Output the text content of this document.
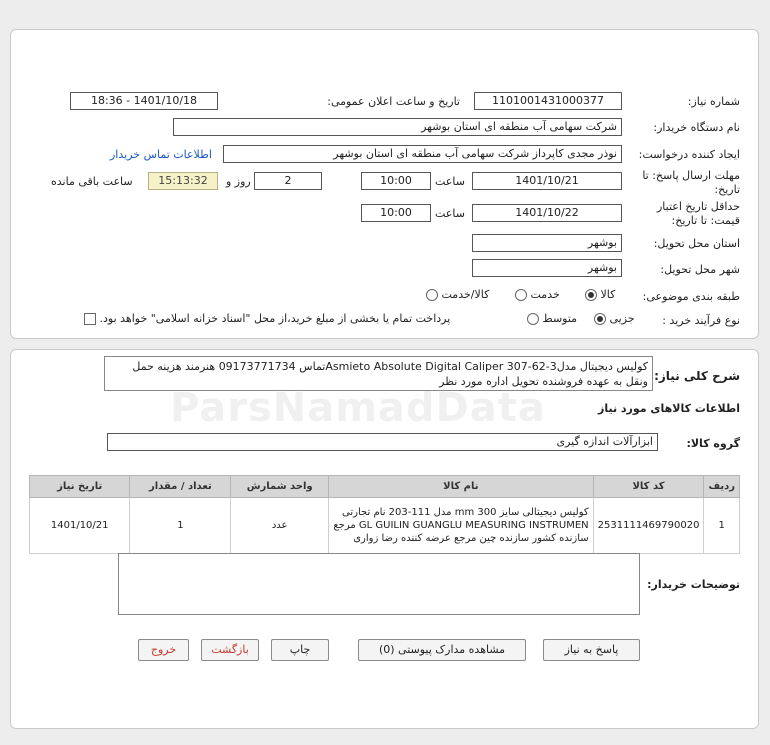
شماره نیاز:
1101001431000377
تاریخ و ساعت اعلان عمومی:
1401/10/18 - 18:36
نام دستگاه خریدار:
شرکت سهامی آب منطقه ای استان بوشهر
ایجاد کننده درخواست:
نوذر مجدی کاپرداز شرکت سهامی آب منطقه ای استان بوشهر
اطلاعات تماس خریدار
مهلت ارسال پاسخ: تا تاریخ:
1401/10/21
ساعت
10:00
2
روز و
15:13:32
ساعت باقی مانده
حداقل تاریخ اعتبار قیمت: تا تاریخ:
1401/10/22
ساعت
10:00
استان محل تحویل:
بوشهر
شهر محل تحویل:
بوشهر
طبقه بندی موضوعی:
کالا
خدمت
کالا/خدمت
نوع فرآیند خرید :
جزیی
متوسط
پرداخت تمام یا بخشی از مبلغ خرید،از محل "اسناد خزانه اسلامی" خواهد بود.
شرح کلی نیاز:
کولیس دیجیتال مدلAsmieto Absolute Digital Caliper 307-62-3تماس 09173771734 هنرمند هزینه حمل ونقل به عهده فروشنده تحویل اداره مورد نظر
ParsNamadData	اطلاعات کالاهای مورد نیاز
گروه کالا:
ابزارآلات اندازه گیری
ردیف	کد کالا	نام کالا	واحد شمارش	تعداد / مقدار	تاریخ نیاز
1	2531111469790020	کولیس دیجیتالی سایز 300 mm مدل 111-203 نام تجارتی GL GUILIN GUANGLU MEASURING INSTRUMEN مرجع سازنده کشور سازنده چین مرجع عرضه کننده رضا زواری	عدد	1	1401/10/21
توضیحات خریدار:
پاسخ به نیاز
مشاهده مدارک پیوستی (0)
چاپ
بازگشت
خروج
